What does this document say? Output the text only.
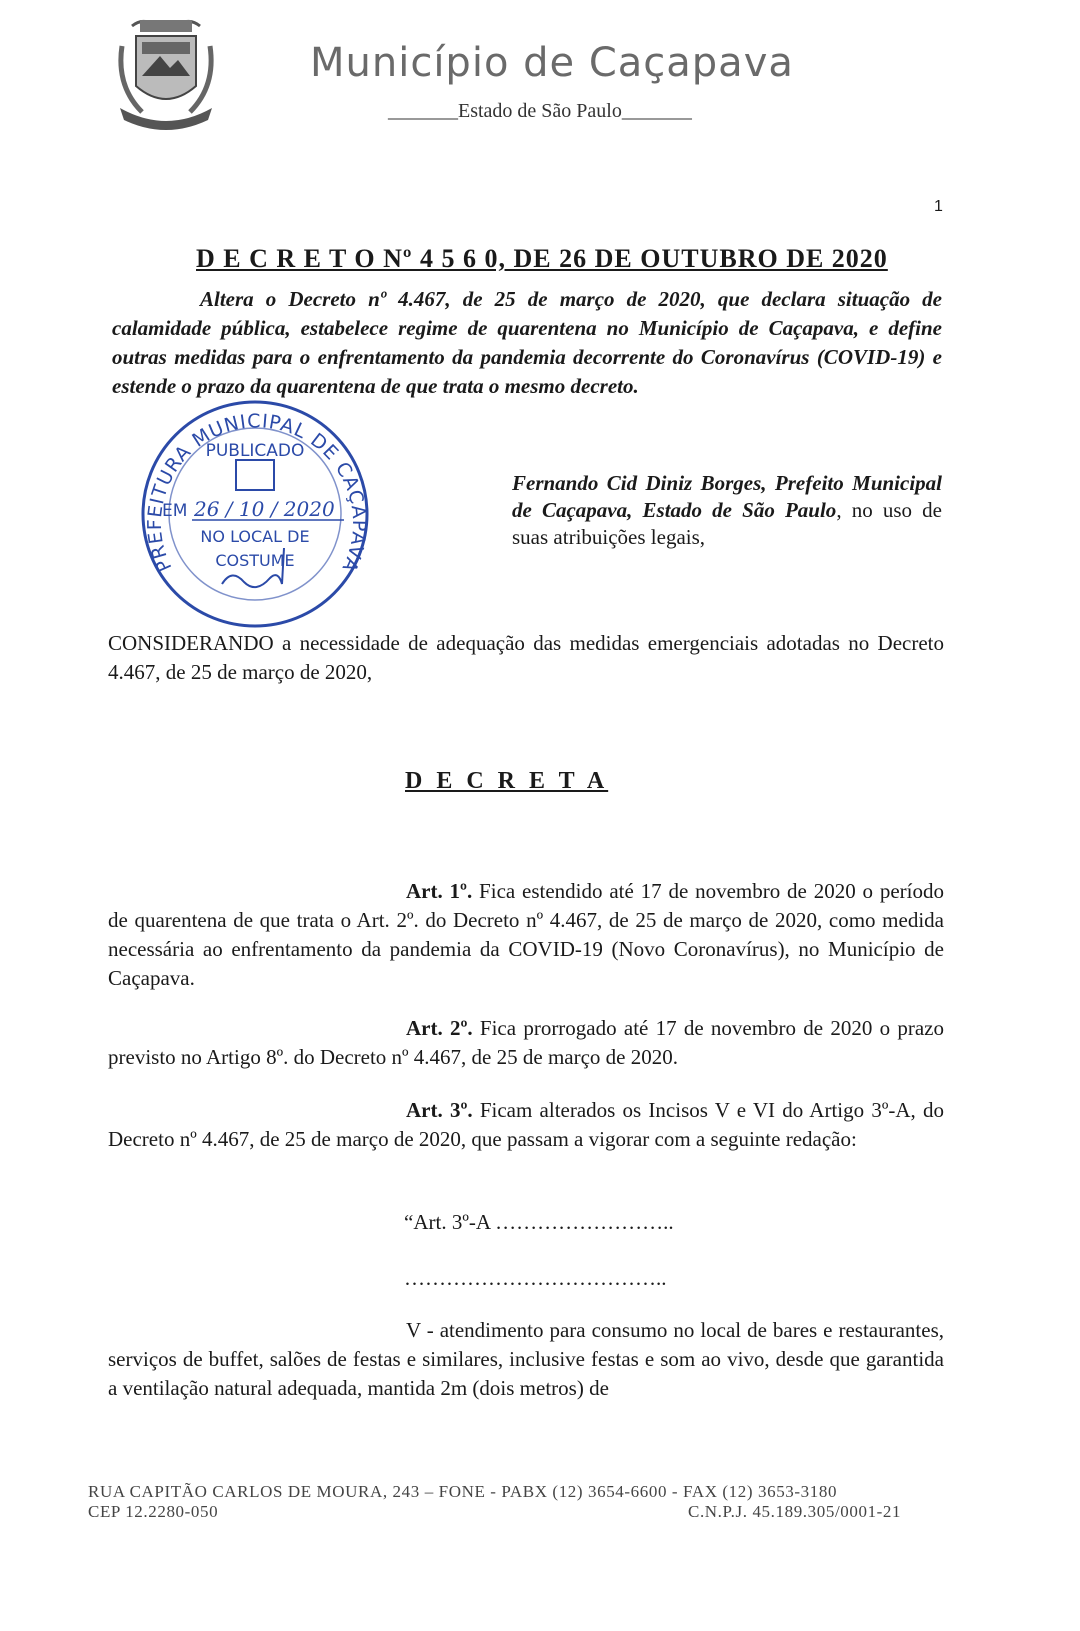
Município de Caçapava
_______Estado de São Paulo_______
1
D E C R E T O Nº 4 5 6 0, DE 26 DE OUTUBRO DE 2020
Altera o Decreto nº 4.467, de 25 de março de 2020, que declara situação de calamidade pública, estabelece regime de quarentena no Município de Caçapava, e define outras medidas para o enfrentamento da pandemia decorrente do Coronavírus (COVID-19) e estende o prazo da quarentena de que trata o mesmo decreto.
PREFEITURA MUNICIPAL DE CAÇAPAVA
PUBLICADO
EM 26 / 10 / 2020
NO LOCAL DE
COSTUME
Fernando Cid Diniz Borges, Prefeito Municipal de Caçapava, Estado de São Paulo, no uso de suas atribuições legais,
CONSIDERANDO a necessidade de adequação das medidas emergenciais adotadas no Decreto 4.467, de 25 de março de 2020,
D E C R E T A
Art. 1º. Fica estendido até 17 de novembro de 2020 o período de quarentena de que trata o Art. 2º. do Decreto nº 4.467, de 25 de março de 2020, como medida necessária ao enfrentamento da pandemia da COVID-19 (Novo Coronavírus), no Município de Caçapava.
Art. 2º. Fica prorrogado até 17 de novembro de 2020 o prazo previsto no Artigo 8º. do Decreto nº 4.467, de 25 de março de 2020.
Art. 3º. Ficam alterados os Incisos V e VI do Artigo 3º-A, do Decreto nº 4.467, de 25 de março de 2020, que passam a vigorar com a seguinte redação:
“Art. 3º-A ……………………..
………………………………..
V - atendimento para consumo no local de bares e restaurantes, serviços de buffet, salões de festas e similares, inclusive festas e som ao vivo, desde que garantida a ventilação natural adequada, mantida 2m (dois metros) de
RUA CAPITÃO CARLOS DE MOURA, 243 – FONE - PABX (12) 3654-6600 - FAX (12) 3653-3180
CEP 12.2280-050	C.N.P.J. 45.189.305/0001-21
